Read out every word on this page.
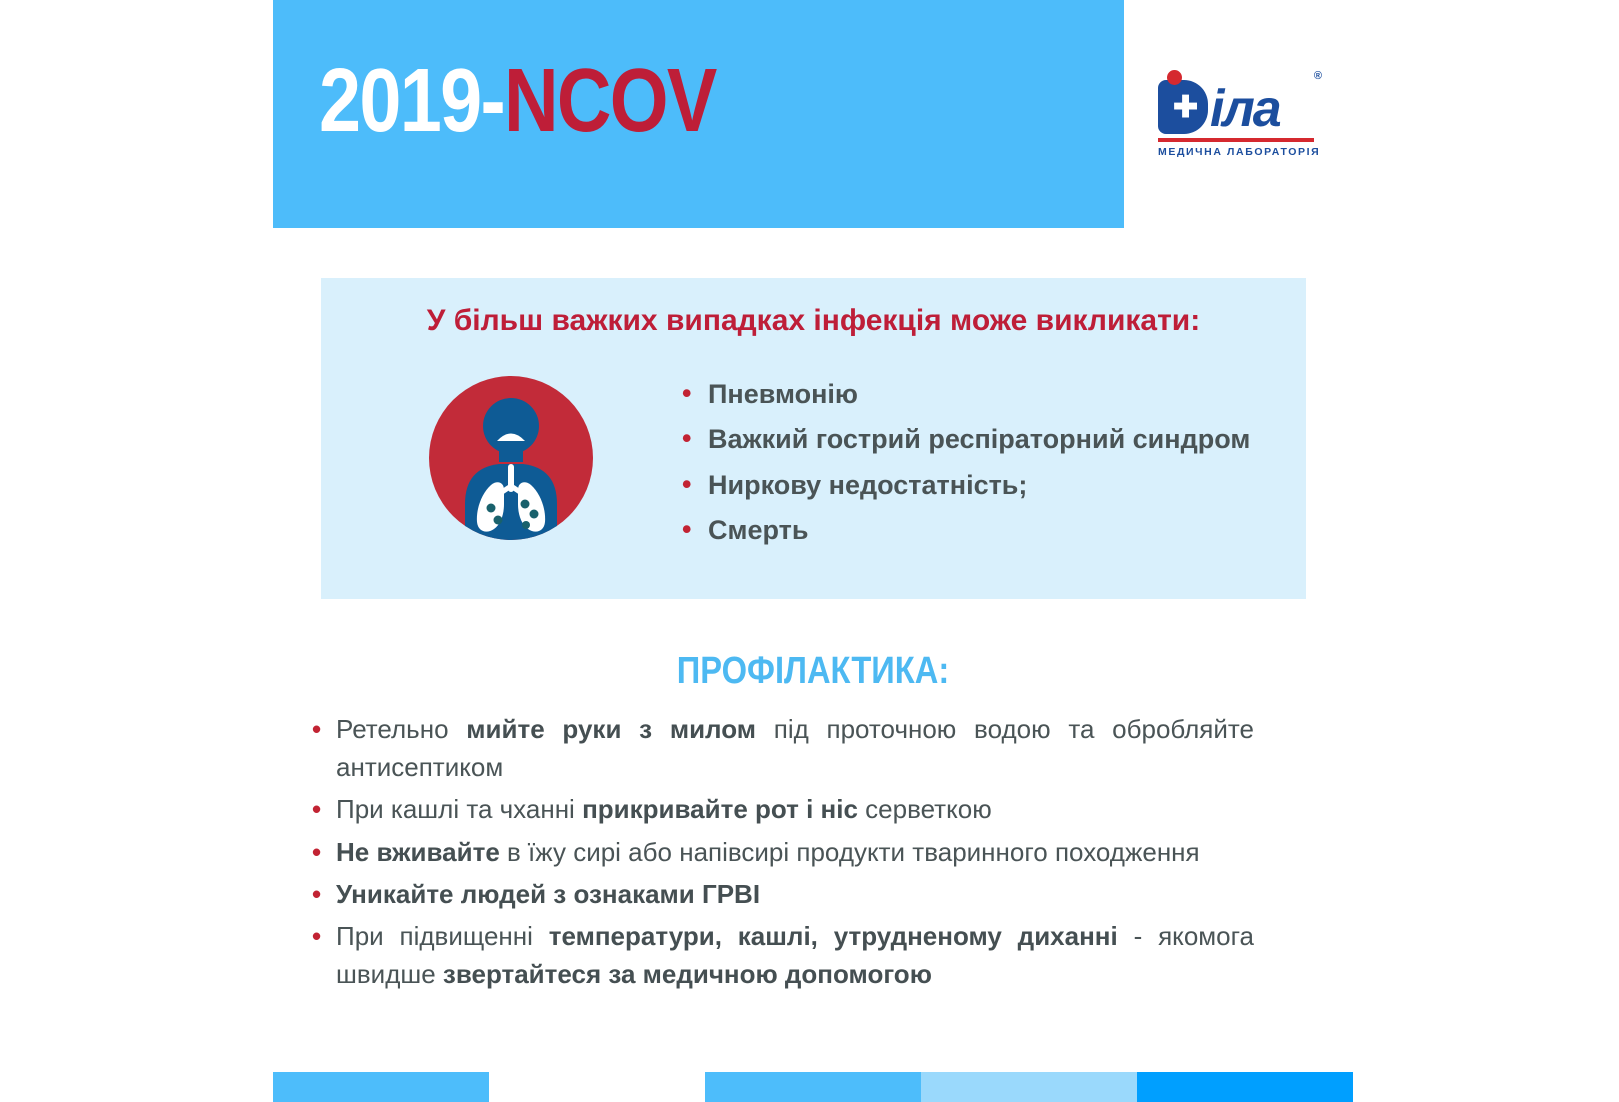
2019-NCOV	✚ іла
®
МЕДИЧНА ЛАБОРАТОРІЯ
У більш важких випадках інфекція може викликати:
• Пневмонію
• Важкий гострий респіраторний синдром
• Ниркову недостатність;
• Смерть
ПРОФІЛАКТИКА:
• Ретельно мийте руки з милом під проточною водою та обробляйте антисептиком
• При кашлі та чханні прикривайте рот і ніс серветкою
• Не вживайте в їжу сирі або напівсирі продукти тваринного походження
• Уникайте людей з ознаками ГРВІ
• При підвищенні температури, кашлі, утрудненому диханні - якомога швидше звертайтеся за медичною допомогою
